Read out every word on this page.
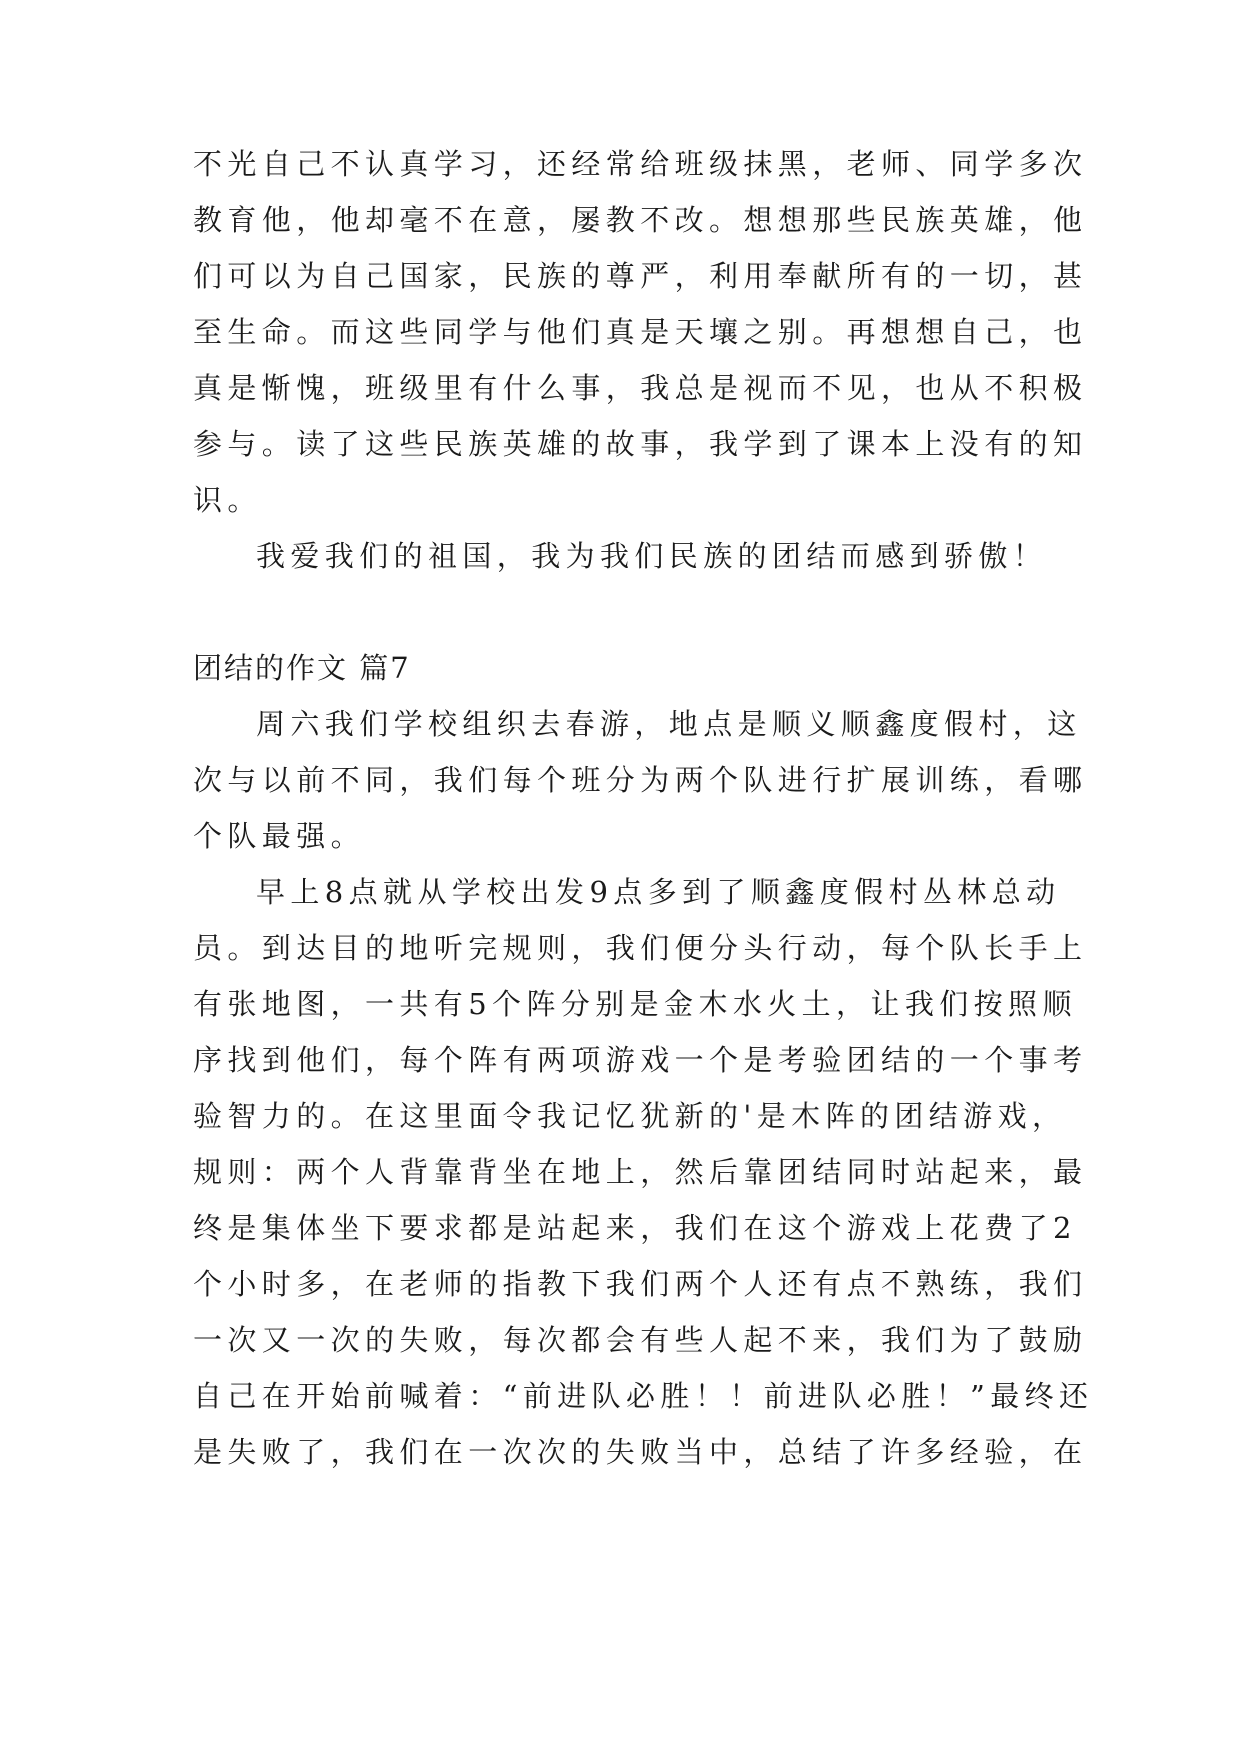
不光自己不认真学习，还经常给班级抹黑，老师、同学多次
教育他，他却毫不在意，屡教不改。想想那些民族英雄，他
们可以为自己国家，民族的尊严，利用奉献所有的一切，甚
至生命。而这些同学与他们真是天壤之别。再想想自己，也
真是惭愧，班级里有什么事，我总是视而不见，也从不积极
参与。读了这些民族英雄的故事，我学到了课本上没有的知
识。
我爱我们的祖国，我为我们民族的团结而感到骄傲！
团结的作文 篇7
周六我们学校组织去春游，地点是顺义顺鑫度假村，这
次与以前不同，我们每个班分为两个队进行扩展训练，看哪
个队最强。
早上8点就从学校出发9点多到了顺鑫度假村丛林总动
员。到达目的地听完规则，我们便分头行动，每个队长手上
有张地图，一共有5个阵分别是金木水火土，让我们按照顺
序找到他们，每个阵有两项游戏一个是考验团结的一个事考
验智力的。在这里面令我记忆犹新的'是木阵的团结游戏，
规则：两个人背靠背坐在地上，然后靠团结同时站起来，最
终是集体坐下要求都是站起来，我们在这个游戏上花费了2
个小时多，在老师的指教下我们两个人还有点不熟练，我们
一次又一次的失败，每次都会有些人起不来，我们为了鼓励
自己在开始前喊着：“前进队必胜！！前进队必胜！”最终还
是失败了，我们在一次次的失败当中，总结了许多经验，在
